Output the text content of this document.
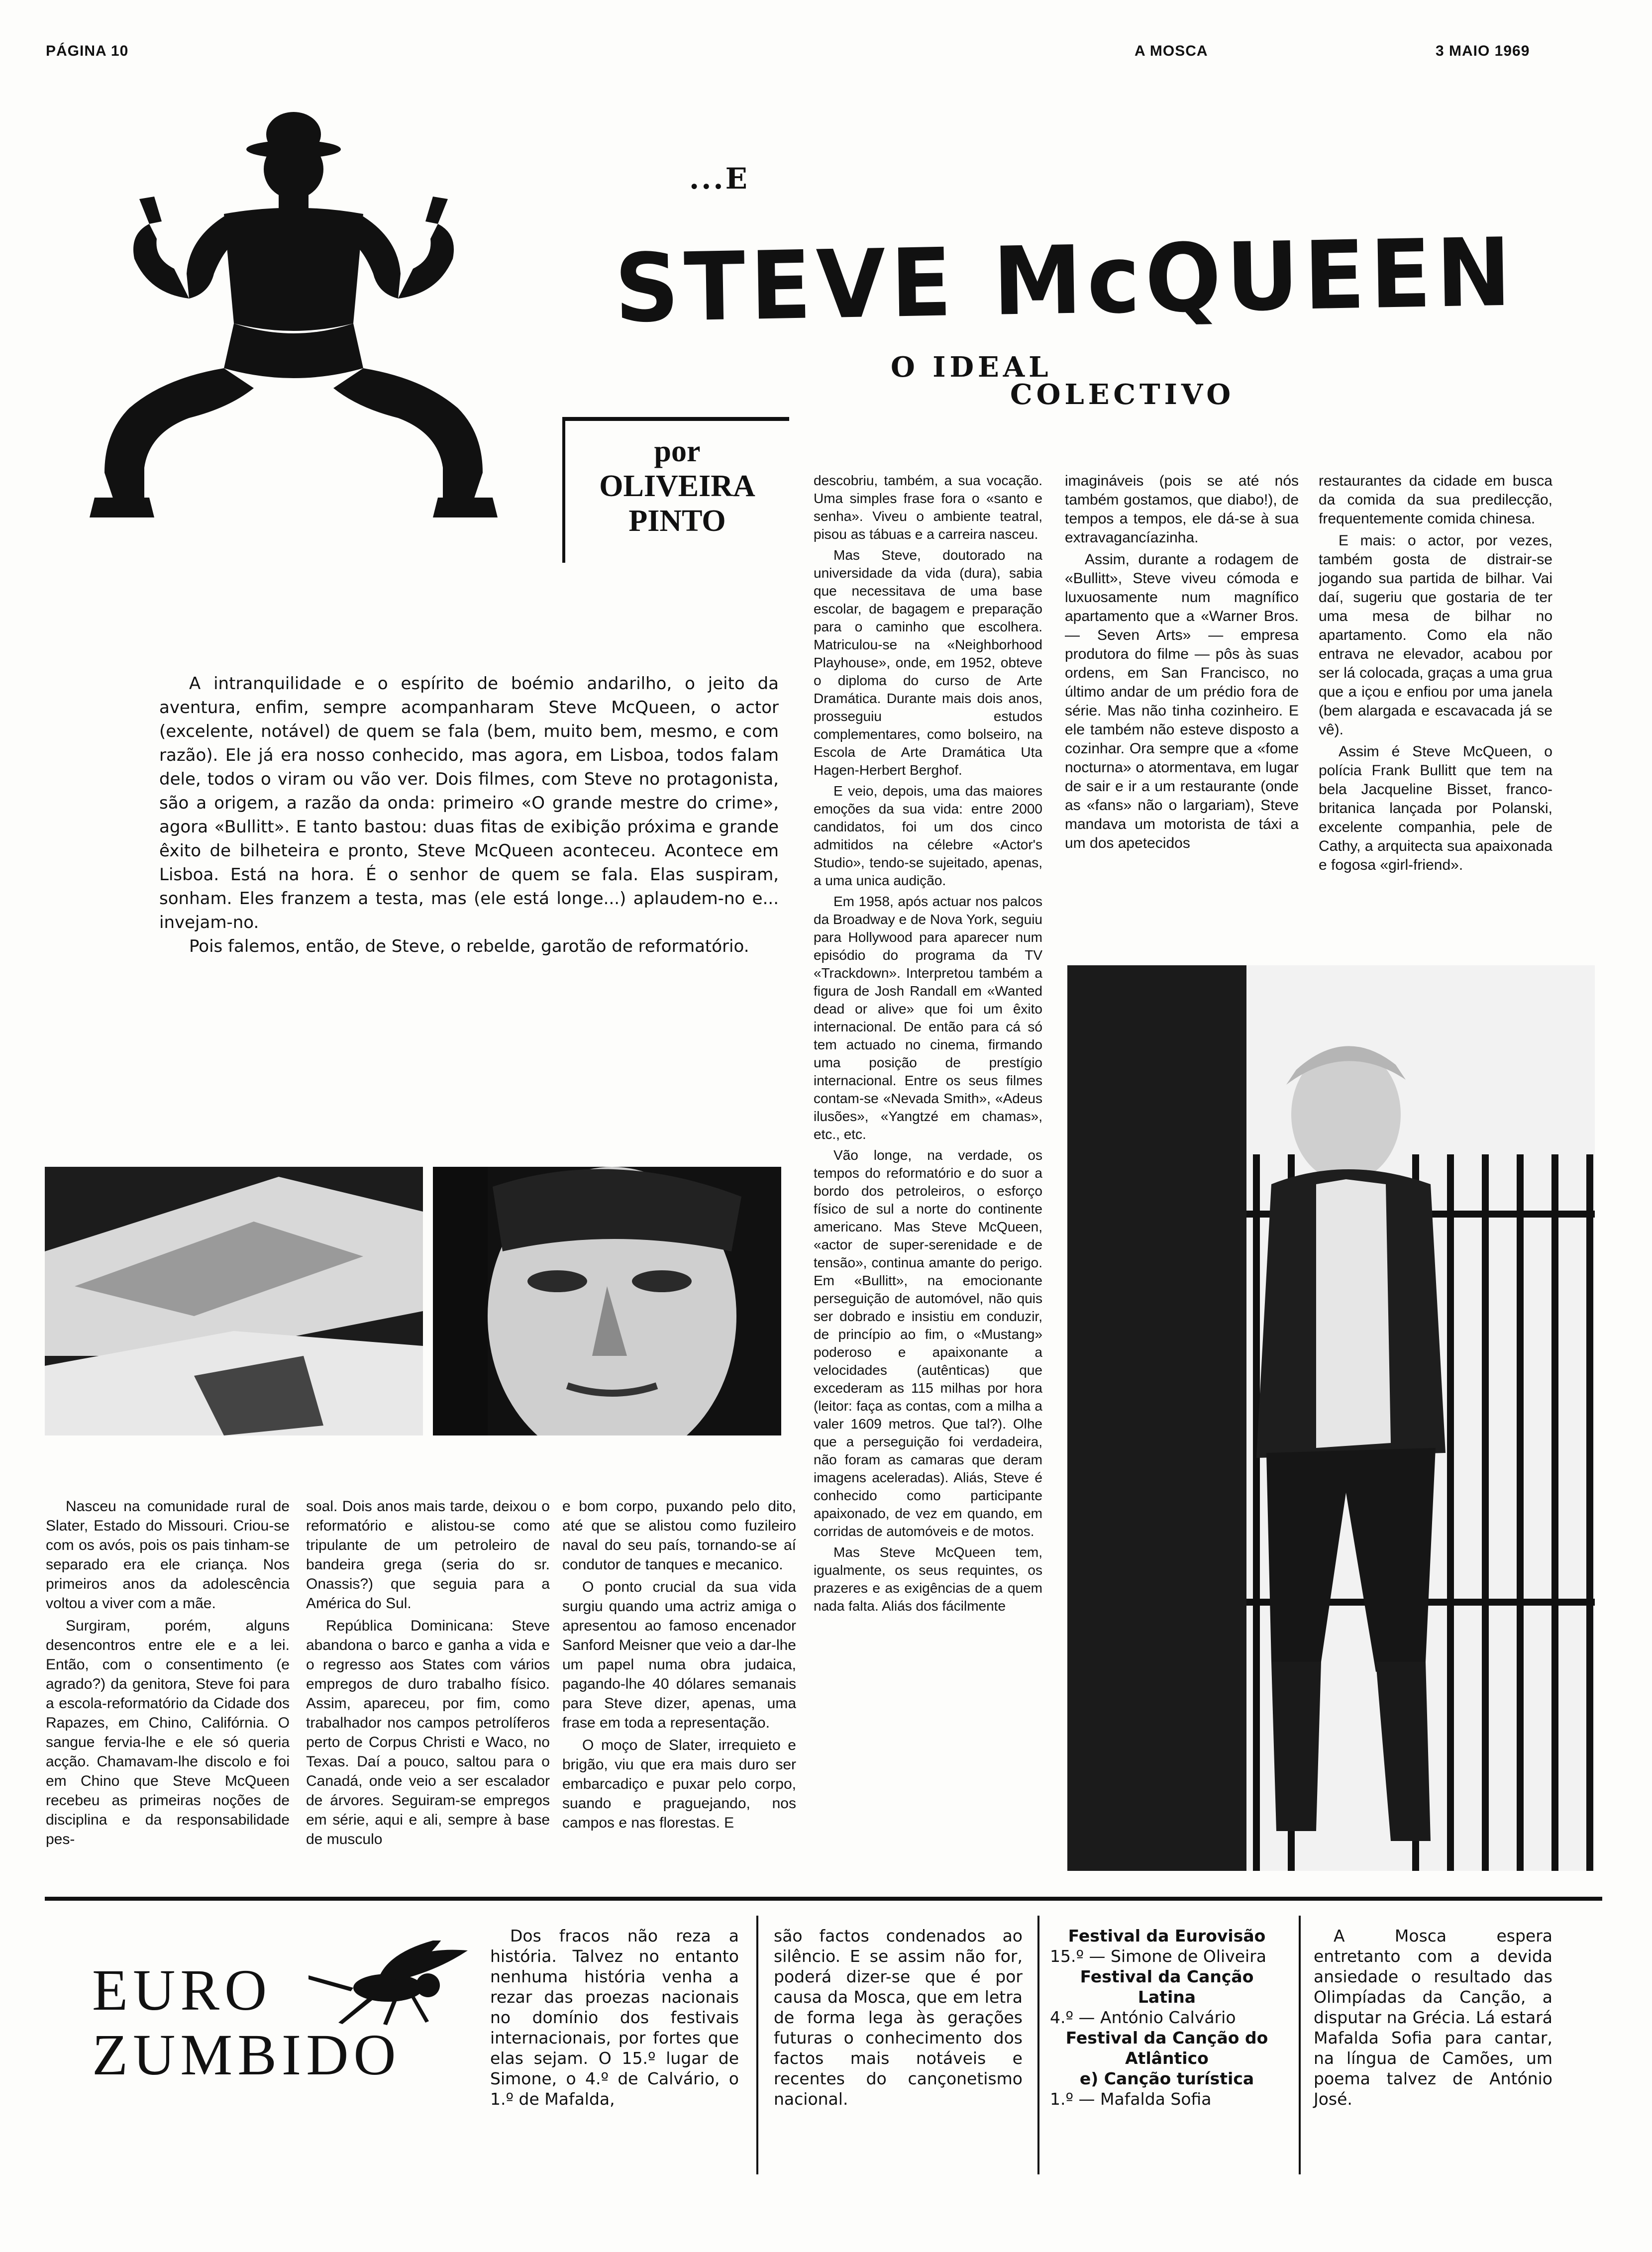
PÁGINA 10	A MOSCA	3 MAIO 1969
...E
STEVE McQUEEN
O IDEAL
COLECTIVO
por
OLIVEIRA
PINTO

A intranquilidade e o espírito de boémio andarilho, o jeito da aventura, enfim, sempre acompanharam Steve McQueen, o actor (excelente, notável) de quem se fala (bem, muito bem, mesmo, e com razão). Ele já era nosso conhecido, mas agora, em Lisboa, todos falam dele, todos o viram ou vão ver. Dois filmes, com Steve no protagonista, são a origem, a razão da onda: primeiro «O grande mestre do crime», agora «Bullitt». E tanto bastou: duas fitas de exibição próxima e grande êxito de bilheteira e pronto, Steve McQueen aconteceu. Acontece em Lisboa. Está na hora. É o senhor de quem se fala. Elas suspiram, sonham. Eles franzem a testa, mas (ele está longe...) aplaudem-no e... invejam-no.

Pois falemos, então, de Steve, o rebelde, garotão de reformatório.

Nasceu na comunidade rural de Slater, Estado do Missouri. Criou-se com os avós, pois os pais tinham-se separado era ele criança. Nos primeiros anos da adolescência voltou a viver com a mãe.

Surgiram, porém, alguns desencontros entre ele e a lei. Então, com o consentimento (e agrado?) da genitora, Steve foi para a escola-reformatório da Cidade dos Rapazes, em Chino, Califórnia. O sangue fervia-lhe e ele só queria acção. Chamavam-lhe discolo e foi em Chino que Steve McQueen recebeu as primeiras noções de disciplina e da responsabilidade pes-

soal. Dois anos mais tarde, deixou o reformatório e alistou-se como tripulante de um petroleiro de bandeira grega (seria do sr. Onassis?) que seguia para a América do Sul.

República Dominicana: Steve abandona o barco e ganha a vida e o regresso aos States com vários empregos de duro trabalho físico. Assim, apareceu, por fim, como trabalhador nos campos petrolíferos perto de Corpus Christi e Waco, no Texas. Daí a pouco, saltou para o Canadá, onde veio a ser escalador de árvores. Seguiram-se empregos em série, aqui e ali, sempre à base de musculo

e bom corpo, puxando pelo dito, até que se alistou como fuzileiro naval do seu país, tornando-se aí condutor de tanques e mecanico.

O ponto crucial da sua vida surgiu quando uma actriz amiga o apresentou ao famoso encenador Sanford Meisner que veio a dar-lhe um papel numa obra judaica, pagando-lhe 40 dólares semanais para Steve dizer, apenas, uma frase em toda a representação.

O moço de Slater, irrequieto e brigão, viu que era mais duro ser embarcadiço e puxar pelo corpo, suando e praguejando, nos campos e nas florestas. E

descobriu, também, a sua vocação. Uma simples frase fora o «santo e senha». Viveu o ambiente teatral, pisou as tábuas e a carreira nasceu.

Mas Steve, doutorado na universidade da vida (dura), sabia que necessitava de uma base escolar, de bagagem e preparação para o caminho que escolhera. Matriculou-se na «Neighborhood Playhouse», onde, em 1952, obteve o diploma do curso de Arte Dramática. Durante mais dois anos, prosseguiu estudos complementares, como bolseiro, na Escola de Arte Dramática Uta Hagen-Herbert Berghof.

E veio, depois, uma das maiores emoções da sua vida: entre 2000 candidatos, foi um dos cinco admitidos na célebre «Actor's Studio», tendo-se sujeitado, apenas, a uma unica audição.

Em 1958, após actuar nos palcos da Broadway e de Nova York, seguiu para Hollywood para aparecer num episódio do programa da TV «Trackdown». Interpretou também a figura de Josh Randall em «Wanted dead or alive» que foi um êxito internacional. De então para cá só tem actuado no cinema, firmando uma posição de prestígio internacional. Entre os seus filmes contam-se «Nevada Smith», «Adeus ilusões», «Yangtzé em chamas», etc., etc.

Vão longe, na verdade, os tempos do reformatório e do suor a bordo dos petroleiros, o esforço físico de sul a norte do continente americano. Mas Steve McQueen, «actor de super-serenidade e de tensão», continua amante do perigo. Em «Bullitt», na emocionante perseguição de automóvel, não quis ser dobrado e insistiu em conduzir, de princípio ao fim, o «Mustang» poderoso e apaixonante a velocidades (autênticas) que excederam as 115 milhas por hora (leitor: faça as contas, com a milha a valer 1609 metros. Que tal?). Olhe que a perseguição foi verdadeira, não foram as camaras que deram imagens aceleradas). Aliás, Steve é conhecido como participante apaixonado, de vez em quando, em corridas de automóveis e de motos.

Mas Steve McQueen tem, igualmente, os seus requintes, os prazeres e as exigências de a quem nada falta. Aliás dos fácilmente

imagináveis (pois se até nós também gostamos, que diabo!), de tempos a tempos, ele dá-se à sua extravagancíazinha.

Assim, durante a rodagem de «Bullitt», Steve viveu cómoda e luxuosamente num magnífico apartamento que a «Warner Bros. — Seven Arts» — empresa produtora do filme — pôs às suas ordens, em San Francisco, no último andar de um prédio fora de série. Mas não tinha cozinheiro. E ele também não esteve disposto a cozinhar. Ora sempre que a «fome nocturna» o atormentava, em lugar de sair e ir a um restaurante (onde as «fans» não o largariam), Steve mandava um motorista de táxi a um dos apetecidos

restaurantes da cidade em busca da comida da sua predilecção, frequentemente comida chinesa.

E mais: o actor, por vezes, também gosta de distrair-se jogando sua partida de bilhar. Vai daí, sugeriu que gostaria de ter uma mesa de bilhar no apartamento. Como ela não entrava ne elevador, acabou por ser lá colocada, graças a uma grua que a içou e enfiou por uma janela (bem alargada e escavacada já se vê).

Assim é Steve McQueen, o polícia Frank Bullitt que tem na bela Jacqueline Bisset, franco-britanica lançada por Polanski, excelente companhia, pele de Cathy, a arquitecta sua apaixonada e fogosa «girl-friend».

EURO
ZUMBIDO

Dos fracos não reza a história. Talvez no entanto nenhuma história venha a rezar das proezas nacionais no domínio dos festivais internacionais, por fortes que elas sejam. O 15.º lugar de Simone, o 4.º de Calvário, o 1.º de Mafalda,

são factos condenados ao silêncio. E se assim não for, poderá dizer-se que é por causa da Mosca, que em letra de forma lega às gerações futuras o conhecimento dos factos mais notáveis e recentes do cançonetismo nacional.

Festival da Eurovisão
15.º — Simone de Oliveira
Festival da Canção Latina
4.º — António Calvário
Festival da Canção do Atlântico
e) Canção turística
1.º — Mafalda Sofia

A Mosca espera entretanto com a devida ansiedade o resultado das Olimpíadas da Canção, a disputar na Grécia. Lá estará Mafalda Sofia para cantar, na língua de Camões, um poema talvez de António José.
